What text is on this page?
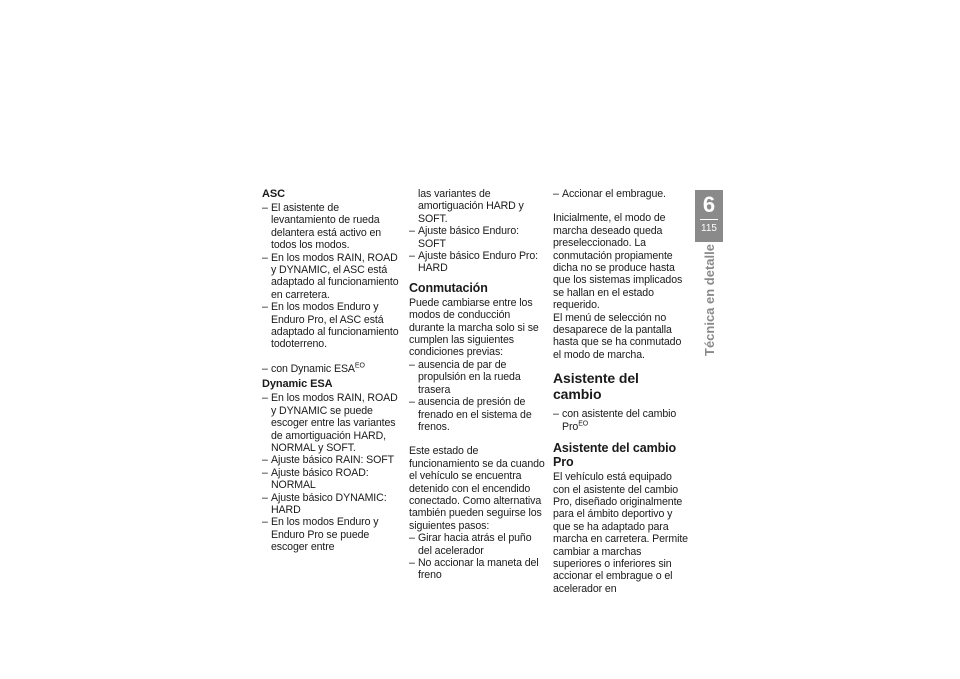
ASC
– El asistente de levantamiento de rueda delantera está activo en todos los modos.
– En los modos RAIN, ROAD y DYNAMIC, el ASC está adaptado al funcionamiento en carretera.
– En los modos Enduro y Enduro Pro, el ASC está adaptado al funcionamiento todoterreno.
– con Dynamic $ESA^{EO}$
Dynamic ESA
– En los modos RAIN, ROAD y DYNAMIC se puede escoger entre las variantes de amortiguación HARD, NORMAL y SOFT.
– Ajuste básico RAIN: SOFT
– Ajuste básico ROAD: NORMAL
– Ajuste básico DYNAMIC: HARD
– En los modos Enduro y Enduro Pro se puede escoger entre

las variantes de amortiguación HARD y SOFT.

– Ajuste básico Enduro: SOFT
– Ajuste básico Enduro Pro: HARD
Conmutación

Puede cambiarse entre los modos de conducción durante la marcha solo si se cumplen las siguientes condiciones previas:

– ausencia de par de propulsión en la rueda trasera
– ausencia de presión de frenado en el sistema de frenos.

Este estado de funcionamiento se da cuando el vehículo se encuentra detenido con el encendido conectado. Como alternativa también pueden seguirse los siguientes pasos:

– Girar hacia atrás el puño del acelerador
– No accionar la maneta del freno
– Accionar el embrague.

Inicialmente, el modo de marcha deseado queda preseleccionado. La conmutación propiamente dicha no se produce hasta que los sistemas implicados se hallan en el estado requerido.

El menú de selección no desaparece de la pantalla hasta que se ha conmutado el modo de marcha.

Asistente del cambio
– con asistente del cambio Pro$^{EO}$
Asistente del cambio Pro

El vehículo está equipado con el asistente del cambio Pro, diseñado originalmente para el ámbito deportivo y que se ha adaptado para marcha en carretera. Permite cambiar a marchas superiores o inferiores sin accionar el embrague o el acelerador en

6
115
Técnica en detalle
